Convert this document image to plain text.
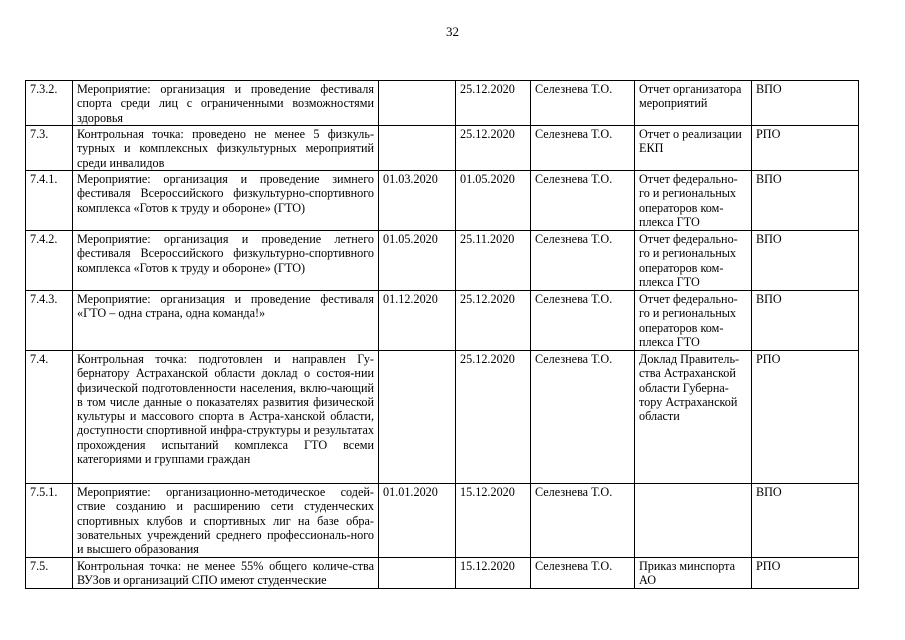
32
7.3.2.	Мероприятие: организация и проведение фестиваля спорта среди лиц с ограниченными возможностями здоровья		25.12.2020	Селезнева Т.О.	Отчет организатора мероприятий	ВПО
7.3.	Контрольная точка: проведено не менее 5 физкуль-турных и комплексных физкультурных мероприятий среди инвалидов		25.12.2020	Селезнева Т.О.	Отчет о реализации ЕКП	РПО
7.4.1.	Мероприятие: организация и проведение зимнего фестиваля Всероссийского физкультурно-спортивного комплекса «Готов к труду и обороне» (ГТО)	01.03.2020	01.05.2020	Селезнева Т.О.	Отчет федерально-го и региональных операторов ком-плекса ГТО	ВПО
7.4.2.	Мероприятие: организация и проведение летнего фестиваля Всероссийского физкультурно-спортивного комплекса «Готов к труду и обороне» (ГТО)	01.05.2020	25.11.2020	Селезнева Т.О.	Отчет федерально-го и региональных операторов ком-плекса ГТО	ВПО
7.4.3.	Мероприятие: организация и проведение фестиваля «ГТО – одна страна, одна команда!»	01.12.2020	25.12.2020	Селезнева Т.О.	Отчет федерально-го и региональных операторов ком-плекса ГТО	ВПО
7.4.	Контрольная точка: подготовлен и направлен Гу-бернатору Астраханской области доклад о состоя-нии физической подготовленности населения, вклю-чающий в том числе данные о показателях развития физической культуры и массового спорта в Астра-ханской области, доступности спортивной инфра-структуры и результатах прохождения испытаний комплекса ГТО всеми категориями и группами граждан		25.12.2020	Селезнева Т.О.	Доклад Правитель-ства Астраханской области Губерна-тору Астраханской области	РПО
7.5.1.	Мероприятие: организационно-методическое содей-ствие созданию и расширению сети студенческих спортивных клубов и спортивных лиг на базе обра-зовательных учреждений среднего профессиональ-ного и высшего образования	01.01.2020	15.12.2020	Селезнева Т.О.		ВПО
7.5.	Контрольная точка: не менее 55% общего количе-ства ВУЗов и организаций СПО имеют студенческие		15.12.2020	Селезнева Т.О.	Приказ минспорта АО	РПО
